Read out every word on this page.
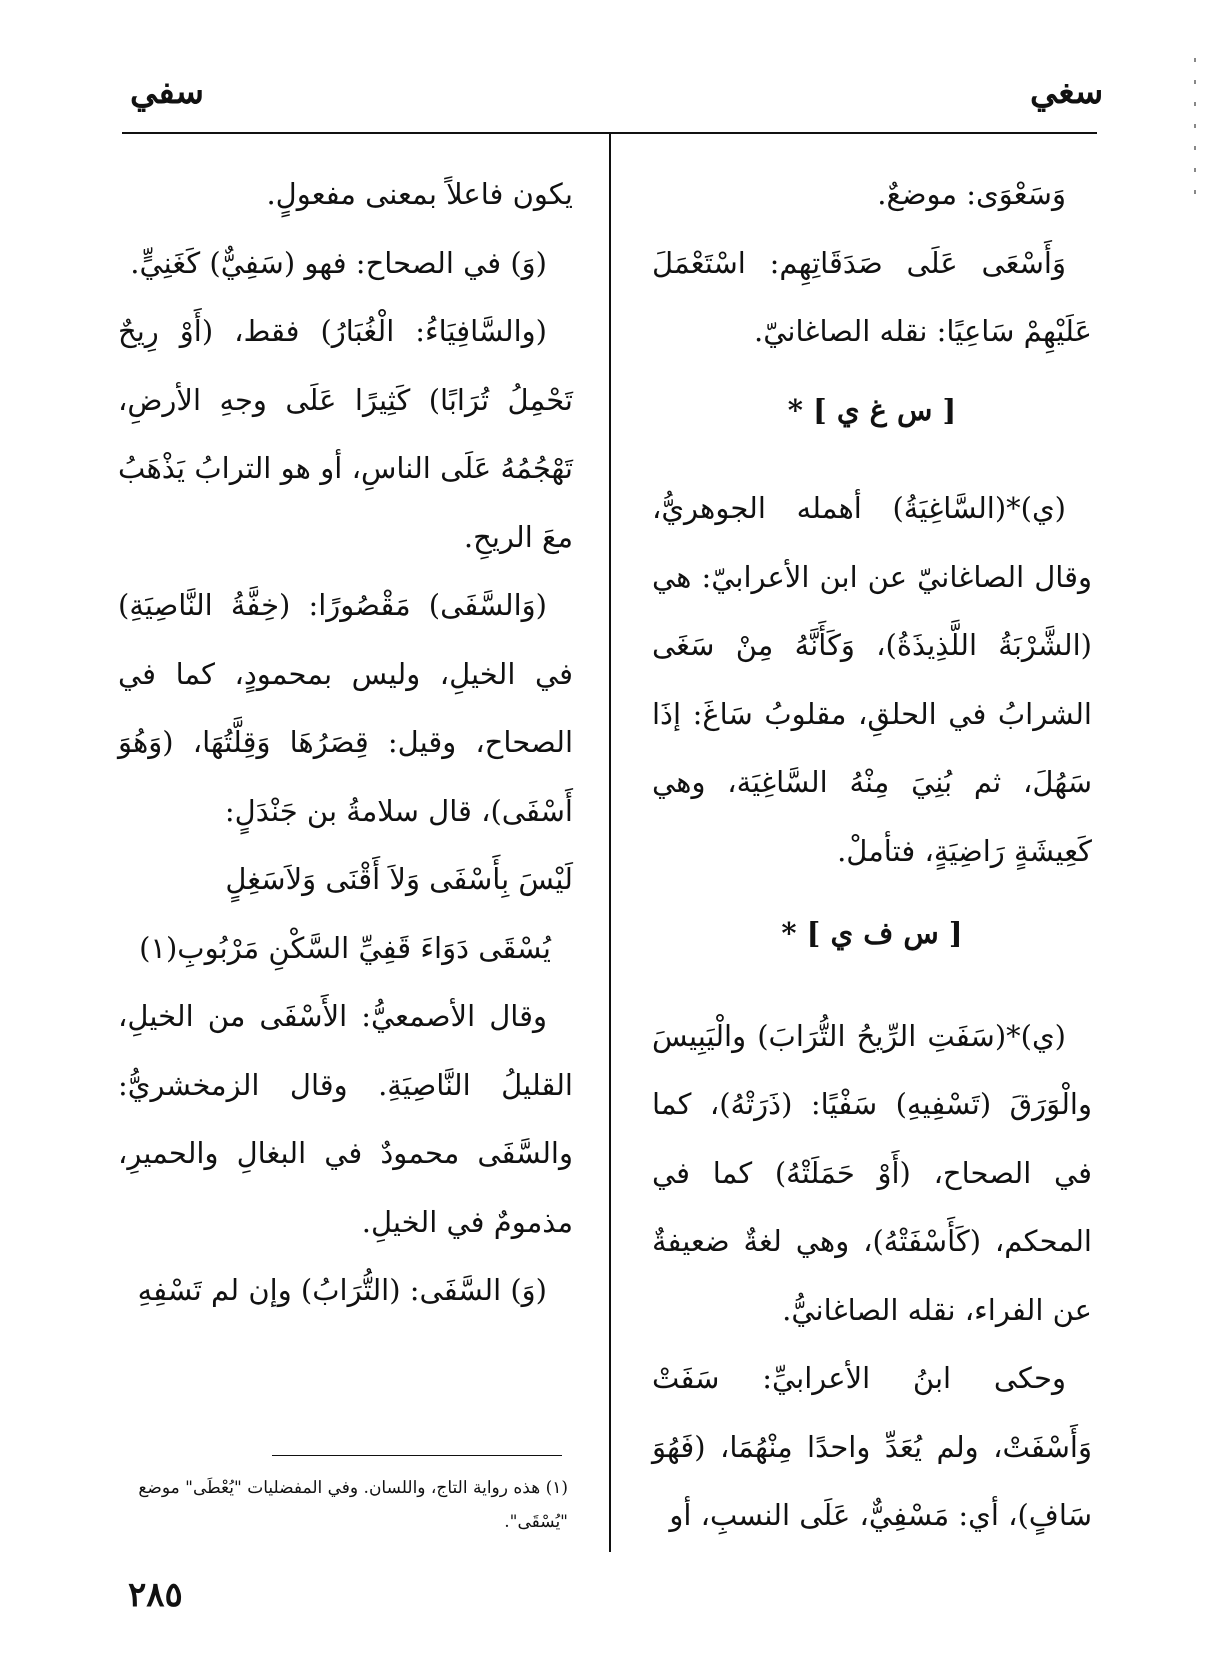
سغي
سفي

وَسَعْوَى: موضعٌ.

وَأَسْعَى عَلَى صَدَقَاتِهِم: اسْتَعْمَلَ عَلَيْهِمْ سَاعِيًا: نقله الصاغانيّ.

[ س غ ي ] *

(ي)*(السَّاغِيَةُ) أهمله الجوهريُّ، وقال الصاغانيّ عن ابن الأعرابيّ: هي (الشَّرْبَةُ اللَّذِيذَةُ)، وَكَأَنَّهُ مِنْ سَغَى الشرابُ في الحلقِ، مقلوبُ سَاغَ: إذَا سَهُلَ، ثم بُنِيَ مِنْهُ السَّاغِيَة، وهي كَعِيشَةٍ رَاضِيَةٍ، فتأملْ.

[ س ف ي ] *

(ي)*(سَفَتِ الرِّيحُ التُّرَابَ) والْيَبِيسَ والْوَرَقَ (تَسْفِيهِ) سَفْيًا: (ذَرَتْهُ)، كما في الصحاح، (أَوْ حَمَلَتْهُ) كما في المحكم، (كَأَسْفَتْهُ)، وهي لغةٌ ضعيفةٌ عن الفراء، نقله الصاغانيُّ.

وحكى ابنُ الأعرابيِّ: سَفَتْ وَأَسْفَتْ، ولم يُعَدِّ واحدًا مِنْهُمَا، (فَهُوَ سَافٍ)، أي: مَسْفِيٌّ، عَلَى النسبِ، أو

يكون فاعلاً بمعنى مفعولٍ.

(وَ) في الصحاح: فهو (سَفِيٌّ) كَغَنِيٍّ.

(والسَّافِيَاءُ: الْغُبَارُ) فقط، (أَوْ رِيحٌ تَحْمِلُ تُرَابًا) كَثِيرًا عَلَى وجهِ الأرضِ، تَهْجُمُهُ عَلَى الناسِ، أو هو الترابُ يَذْهَبُ معَ الريحِ.

(وَالسَّفَى) مَقْصُورًا: (خِفَّةُ النَّاصِيَةِ) في الخيلِ، وليس بمحمودٍ، كما في الصحاح، وقيل: قِصَرُهَا وَقِلَّتُهَا، (وَهُوَ أَسْفَى)، قال سلامةُ بن جَنْدَلٍ:

لَيْسَ بِأَسْفَى وَلاَ أَقْنَى وَلاَسَغِلٍ

يُسْقَى دَوَاءَ قَفِيِّ السَّكْنِ مَرْبُوبِ(١)

وقال الأصمعيُّ: الأَسْفَى من الخيلِ، القليلُ النَّاصِيَةِ. وقال الزمخشريُّ: والسَّفَى محمودٌ في البغالِ والحميرِ، مذمومٌ في الخيلِ.

(وَ) السَّفَى: (التُّرَابُ) وإن لم تَسْفِهِ

(١) هذه رواية التاج، واللسان. وفي المفضليات "يُعْطَى" موضع "يُسْقَى".
٢٨٥
